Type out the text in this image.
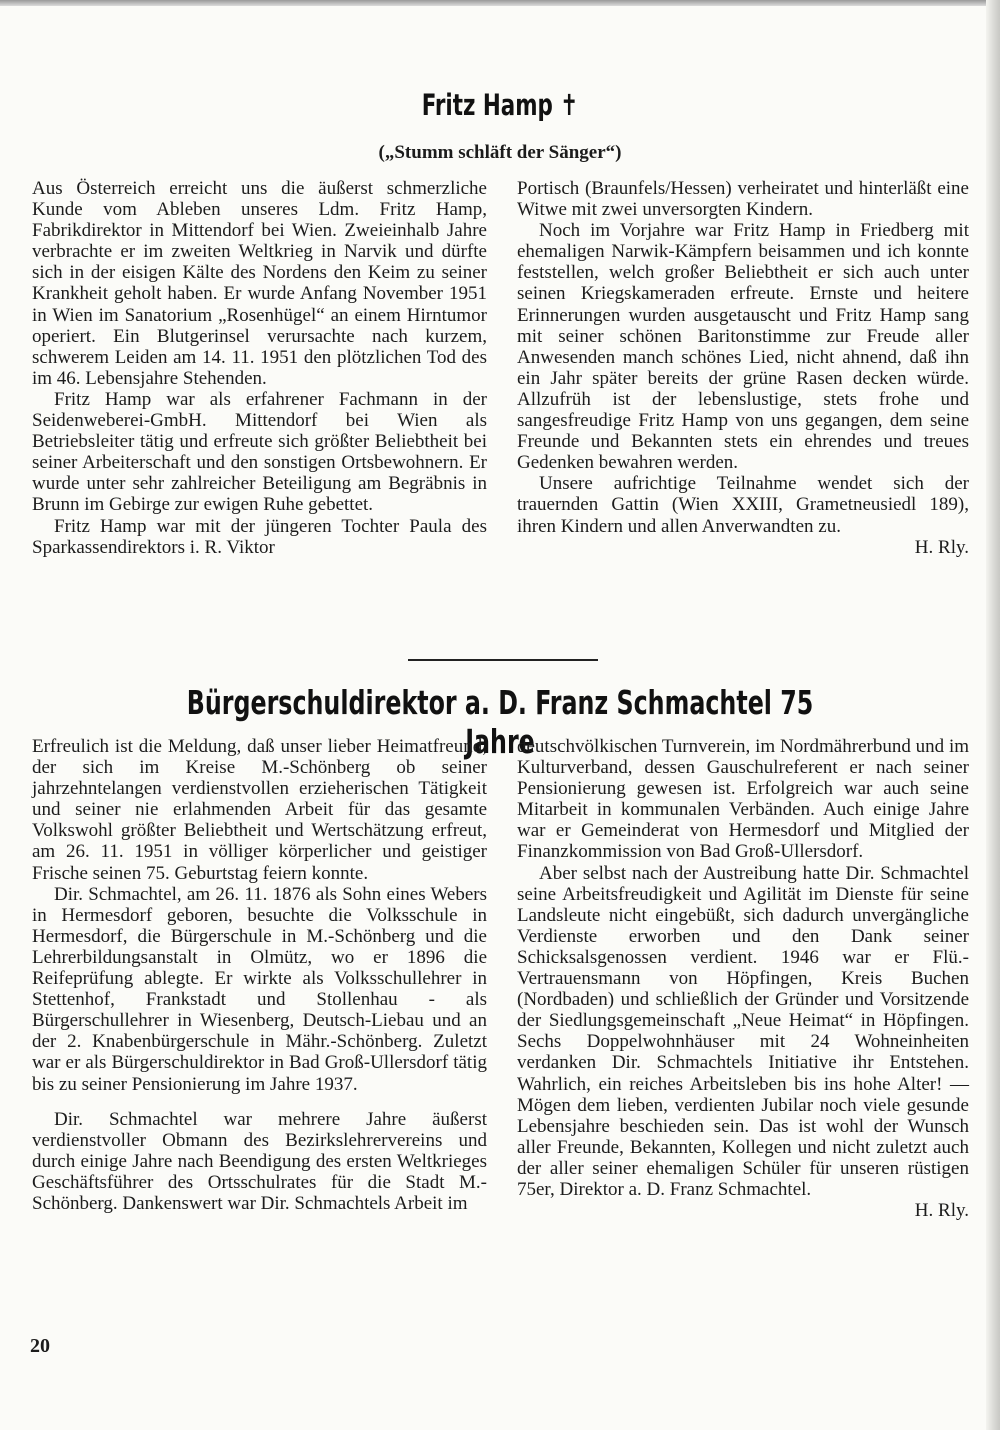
Fritz Hamp ✝
(„Stumm schläft der Sänger“)

Aus Österreich erreicht uns die äußerst schmerzliche Kunde vom Ableben unseres Ldm. Fritz Hamp, Fabrikdirektor in Mittendorf bei Wien. Zweieinhalb Jahre verbrachte er im zweiten Weltkrieg in Narvik und dürfte sich in der eisigen Kälte des Nordens den Keim zu seiner Krankheit geholt haben. Er wurde Anfang November 1951 in Wien im Sanatorium „Rosenhügel“ an einem Hirntumor operiert. Ein Blutgerinsel verursachte nach kurzem, schwerem Leiden am 14. 11. 1951 den plötzlichen Tod des im 46. Lebensjahre Stehenden.

Fritz Hamp war als erfahrener Fachmann in der Seidenweberei-GmbH. Mittendorf bei Wien als Betriebsleiter tätig und erfreute sich größter Beliebtheit bei seiner Arbeiterschaft und den sonstigen Ortsbewohnern. Er wurde unter sehr zahlreicher Beteiligung am Begräbnis in Brunn im Gebirge zur ewigen Ruhe gebettet.

Fritz Hamp war mit der jüngeren Tochter Paula des Sparkassendirektors i. R. Viktor

Portisch (Braunfels/Hessen) verheiratet und hinterläßt eine Witwe mit zwei unversorgten Kindern.

Noch im Vorjahre war Fritz Hamp in Friedberg mit ehemaligen Narwik-Kämpfern beisammen und ich konnte feststellen, welch großer Beliebtheit er sich auch unter seinen Kriegskameraden erfreute. Ernste und heitere Erinnerungen wurden ausgetauscht und Fritz Hamp sang mit seiner schönen Baritonstimme zur Freude aller Anwesenden manch schönes Lied, nicht ahnend, daß ihn ein Jahr später bereits der grüne Rasen decken würde. Allzufrüh ist der lebenslustige, stets frohe und sangesfreudige Fritz Hamp von uns gegangen, dem seine Freunde und Bekannten stets ein ehrendes und treues Gedenken bewahren werden.

Unsere aufrichtige Teilnahme wendet sich der trauernden Gattin (Wien XXIII, Grametneusiedl 189), ihren Kindern und allen Anverwandten zu.

H. Rly.
Bürgerschuldirektor a. D. Franz Schmachtel 75 Jahre

Erfreulich ist die Meldung, daß unser lieber Heimatfreund, der sich im Kreise M.-Schönberg ob seiner jahrzehntelangen verdienstvollen erzieherischen Tätigkeit und seiner nie erlahmenden Arbeit für das gesamte Volkswohl größter Beliebtheit und Wertschätzung erfreut, am 26. 11. 1951 in völliger körperlicher und geistiger Frische seinen 75. Geburtstag feiern konnte.

Dir. Schmachtel, am 26. 11. 1876 als Sohn eines Webers in Hermesdorf geboren, besuchte die Volksschule in Hermesdorf, die Bürgerschule in M.-Schönberg und die Lehrerbildungsanstalt in Olmütz, wo er 1896 die Reifeprüfung ablegte. Er wirkte als Volksschullehrer in Stettenhof, Frankstadt und Stollenhau - als Bürgerschullehrer in Wiesenberg, Deutsch-Liebau und an der 2. Knabenbürgerschule in Mähr.-Schönberg. Zuletzt war er als Bürgerschuldirektor in Bad Groß-Ullersdorf tätig bis zu seiner Pensionierung im Jahre 1937.

Dir. Schmachtel war mehrere Jahre äußerst verdienstvoller Obmann des Bezirkslehrervereins und durch einige Jahre nach Beendigung des ersten Weltkrieges Geschäftsführer des Ortsschulrates für die Stadt M.-Schönberg. Dankenswert war Dir. Schmachtels Arbeit im

deutschvölkischen Turnverein, im Nordmährerbund und im Kulturverband, dessen Gauschulreferent er nach seiner Pensionierung gewesen ist. Erfolgreich war auch seine Mitarbeit in kommunalen Verbänden. Auch einige Jahre war er Gemeinderat von Hermesdorf und Mitglied der Finanzkommission von Bad Groß-Ullersdorf.

Aber selbst nach der Austreibung hatte Dir. Schmachtel seine Arbeitsfreudigkeit und Agilität im Dienste für seine Landsleute nicht eingebüßt, sich dadurch unvergängliche Verdienste erworben und den Dank seiner Schicksalsgenossen verdient. 1946 war er Flü.-Vertrauensmann von Höpfingen, Kreis Buchen (Nordbaden) und schließlich der Gründer und Vorsitzende der Siedlungsgemeinschaft „Neue Heimat“ in Höpfingen. Sechs Doppelwohnhäuser mit 24 Wohneinheiten verdanken Dir. Schmachtels Initiative ihr Entstehen. Wahrlich, ein reiches Arbeitsleben bis ins hohe Alter! — Mögen dem lieben, verdienten Jubilar noch viele gesunde Lebensjahre beschieden sein. Das ist wohl der Wunsch aller Freunde, Bekannten, Kollegen und nicht zuletzt auch der aller seiner ehemaligen Schüler für unseren rüstigen 75er, Direktor a. D. Franz Schmachtel.

H. Rly.
20
